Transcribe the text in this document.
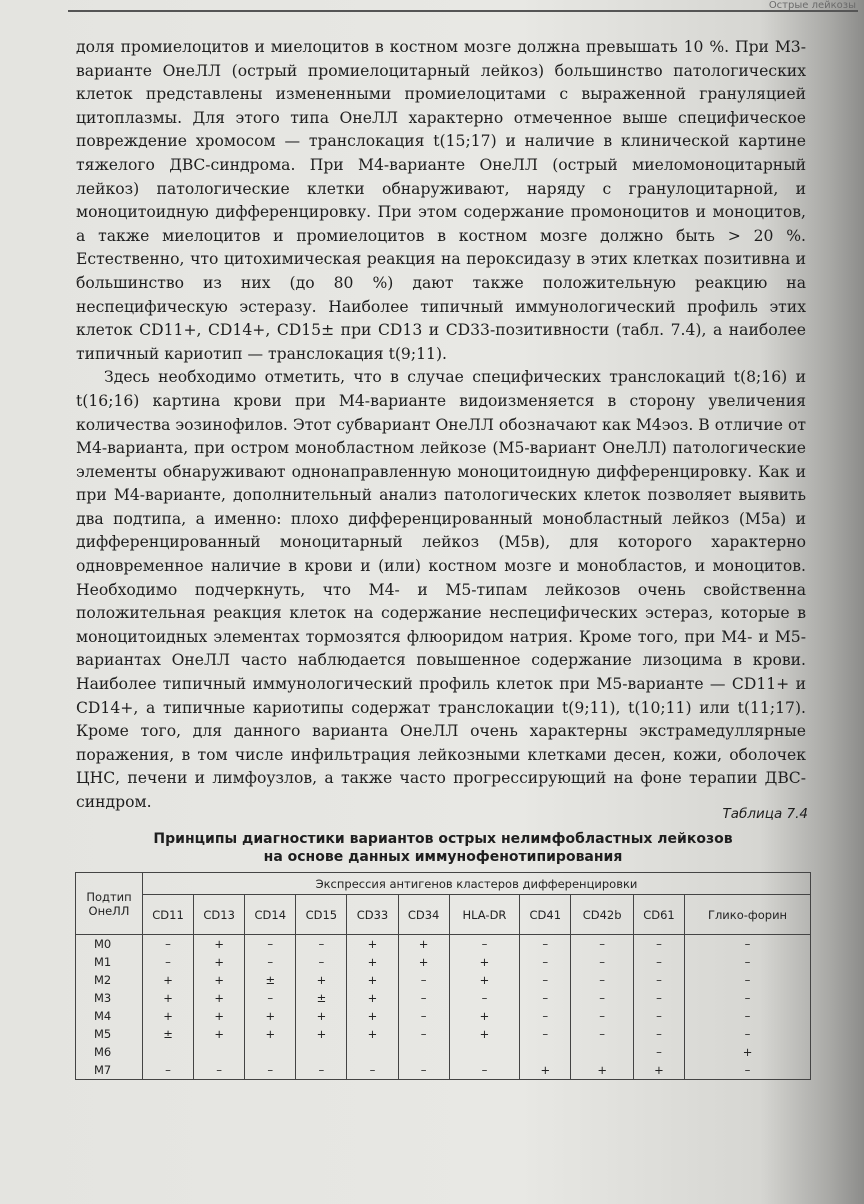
Острые лейкозы

доля промиелоцитов и миелоцитов в костном мозге должна превышать 10 %. При М3-варианте ОнеЛЛ (острый промиелоцитарный лейкоз) большинство патологических клеток представлены измененными промиелоцитами с выраженной грануляцией цитоплазмы. Для этого типа ОнеЛЛ характерно отмеченное выше специфическое повреждение хромосом — транслокация t(15;17) и наличие в клинической картине тяжелого ДВС-синдрома. При М4-варианте ОнеЛЛ (острый миеломоноцитарный лейкоз) патологические клетки обнаруживают, наряду с гранулоцитарной, и моноцитоидную дифференцировку. При этом содержание промоноцитов и моноцитов, а также миелоцитов и промиелоцитов в костном мозге должно быть > 20 %. Естественно, что цитохимическая реакция на пероксидазу в этих клетках позитивна и большинство из них (до 80 %) дают также положительную реакцию на неспецифическую эстеразу. Наиболее типичный иммунологический профиль этих клеток CD11+, CD14+, CD15± при CD13 и CD33-позитивности (табл. 7.4), а наиболее типичный кариотип — транслокация t(9;11).

Здесь необходимо отметить, что в случае специфических транслокаций t(8;16) и t(16;16) картина крови при М4-варианте видоизменяется в сторону увеличения количества эозинофилов. Этот субвариант ОнеЛЛ обозначают как М4эоз. В отличие от М4-варианта, при остром монобластном лейкозе (М5-вариант ОнеЛЛ) патологические элементы обнаруживают однонаправленную моноцитоидную дифференцировку. Как и при М4-варианте, дополнительный анализ патологических клеток позволяет выявить два подтипа, а именно: плохо дифференцированный монобластный лейкоз (М5а) и дифференцированный моноцитарный лейкоз (М5в), для которого характерно одновременное наличие в крови и (или) костном мозге и монобластов, и моноцитов. Необходимо подчеркнуть, что М4- и М5-типам лейкозов очень свойственна положительная реакция клеток на содержание неспецифических эстераз, которые в моноцитоидных элементах тормозятся флюоридом натрия. Кроме того, при М4- и М5-вариантах ОнеЛЛ часто наблюдается повышенное содержание лизоцима в крови. Наиболее типичный иммунологический профиль клеток при М5-варианте — CD11+ и CD14+, а типичные кариотипы содержат транслокации t(9;11), t(10;11) или t(11;17). Кроме того, для данного варианта ОнеЛЛ очень характерны экстрамедуллярные поражения, в том числе инфильтрация лейкозными клетками десен, кожи, оболочек ЦНС, печени и лимфоузлов, а также часто прогрессирующий на фоне терапии ДВС-синдром.

Таблица 7.4
Принципы диагностики вариантов острых нелимфобластных лейкозов
на основе данных иммунофенотипирования
Подтип ОнеЛЛ	Экспрессия антигенов кластеров дифференцировки										
	CD11	CD13	CD14	CD15	CD33	CD34	HLA-DR	CD41	CD42b	CD61	Глико-форин
M0	–	+	–	–	+	+	–	–	–	–	–
M1	–	+	–	–	+	+	+	–	–	–	–
M2	+	+	±	+	+	–	+	–	–	–	–
M3	+	+	–	±	+	–	–	–	–	–	–
M4	+	+	+	+	+	–	+	–	–	–	–
M5	±	+	+	+	+	–	+	–	–	–	–
M6										–	+
M7	–	–	–	–	–	–	–	+	+	+	–
